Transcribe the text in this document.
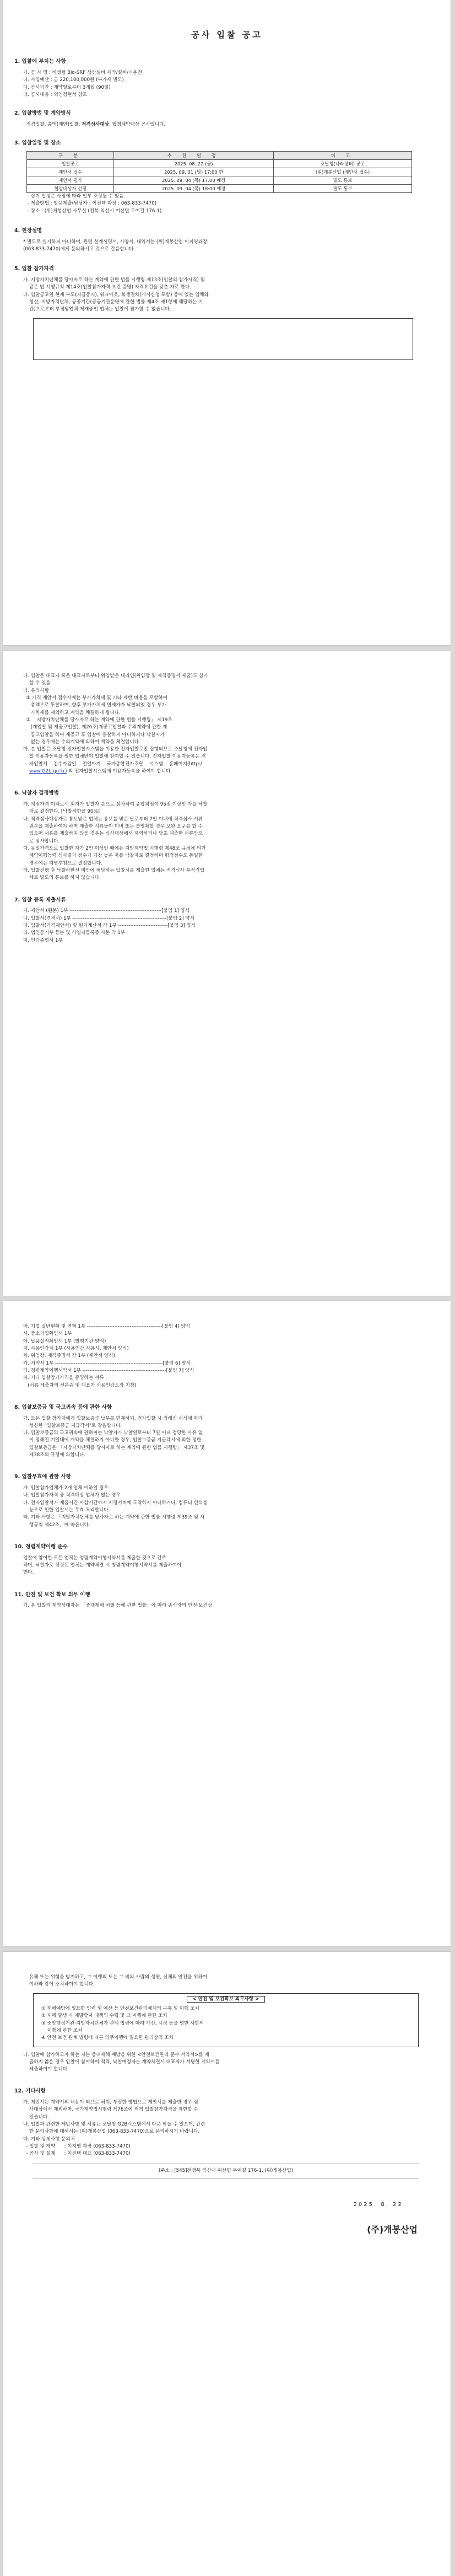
공사 입찰 공고
1. 입찰에 부치는 사항
가. 공 사 명 : 비생형 Bio-SRF 생산설비 제작/설치/시운전
나. 사업예산 : 금 220,100,000원 (부가세 별도)
다. 공사기간 : 계약일로부터 3개월 (90일)
라. 공사내용 : 외인정현서 참조
2. 입찰방법 및 계약방식
· 적겸입찰, 총액(제안)입찰, 적격심사대상, 협쟁계약대상 공사입니다.
3. 입찰일정 및 장소
구 분	추 진 일 정	비 고
입찰공고	2025. 08. 22 (금)	조달청(나라장터) 공고
제안서 접수	2025. 09. 01 (월) 17:00 한	(위)개봉산업 (제안서 접수)
제안서 평가	2025. 09. 04 (목) 17:00 예정	별도 통보
협상대상자 선정	2025. 09. 04 (목) 18:00 예정	별도 통보
- 상기 일정은 사정에 따라 일부 조정될 수 있음.
- 제출방법 : 방문제출(담당자 : 이진택 과장 : 063-833-7470)
- 장소 : (위)개봉산업 사무실 (전북 익산시 여산면 두여길 176-1)
4. 현장설명
* 별도로 실시하지 아니하며, 관련 설계설명서, 사양서, 내역서는 (위)개봉산업 이지영과장
(063-833-7470)에게 문의하시고 것으로 갈음합니다.
5. 입찰 참가자격
가. 지방자치단체를 당사자로 하는 계약에 관한 법률 시행령 제13조(입찰의 참가자격) 및
같은 법 시행규칙 제14조(입찰참가자격 요건 증명) 자격요건을 갖춘 자로 한다.
나. 입찰공고일 현재 부도(지급중지), 워크아웃, 회생절차(개시신청 포함) 중에 있는 업체와
청산, 지방자치단체, 공공기관(공공기관운영에 관한 법률 제4조 제1항에 해당하는 기
관)으로부터 부정당업체 제재중인 업체는 입찰에 참가할 수 없습니다.
다. 입찰은 대표자 혹은 대표자로부터 위임받은 대리인(위임장 및 재직증명서 제출)도 참가
할 수 있음.
라. 유의사항
① 가격 제안서 접수시에는 부가가치세 및 기타 제반 비용을 포함하여
총액으로 투찰하며, 향후 부가가치세 면제가가 낙찰되었 경우 부가
가치세를 제외하고 계약을 체결하게 됩니다.
② 「지방자치단체를 당사자로 하는 계약에 관한 법률 시행령」 제19조
(재입찰 및 재공고입찰), 제26조(재공고입찰과 수의계약에 관한 제
공고입찰을 하여 제공고 후 입찰에 응찰하지 아니하거나 낙찰자가
없는 경우에는 수의계약에 의하여 계약을 체결합니다.
마. 본 입찰은 조달청 전자입찰시스템을 이용한 전자입찰로만 집행되므로 조달청에 전자입
찰 이용자등록을 필한 업체만이 입찰에 참여할 수 있습니다. 전자입찰 이용자등록은 전
자입찰서    접수마감일    전일까지    국가종합전자조달    시스템    홈페이지(http:/
www.G2b.go.kr) 의 전자입찰시스템에 이용자등록을 하여야 합니다.
6. 낙찰자 결정방법
가. 예정가격 이하로서 최저가 입찰자 순으로 심사하여 종합평점이 95점 이상인 자를 낙찰
자로 결정한다. [낙찰하한율 90%]
나. 적격심사대상자로 통보받은 업체는 통보를 받은 날로부터 7일 이내에 적격심사 서류
원본을 제출하여야 하며 제출한 서류들이 미비 또는 불명확할 경우 보완 요구를 할 수
있으며 서류를 제출하지 않을 경우는 심사대상에서 제외하거나 당초 제출한 서류만으
로 심사합니다.
다. 동일가격으로 입찰한 자가 2인 이상인 때에는 지방계약법 시행령 제48조 규정에 의거
계약이행능력 심사결과 점수가 가장 높은 자를 낙찰자로 결정하며 평점점수도 동일한
경우에는 지명추첨으로 결정합니다.
라. 입찰진행 후 낙찰하한선 미만에 해당하는 입찰서를 제출한 업체는 적격심사 부적격업
체로 별도의 통보를 하지 않습니다.
7. 입찰 등록 제출서류
가. 제안서 (원본) 1부 ------------------------------------------------------[붙임 1] 양식
나. 입찰서(견적서) 1부 -------------------------------------------------------[붙임 2] 양식
다. 입찰서(가격제안서) 및 원가계산서 각 1부 -----------------------------[붙임 3] 양식
라. 법인등기부 등본 및 사업자등록증 사본 각 1부
마. 인감증명서 1부
바. 기업 실반현황 및 연혁 1부 --------------------------------------------[붙임 4] 양식
사. 중소기업확인서 1부
아. 납품실적확인서 1부 (발행기관 양식)
자. 사용인감계 1부 (사용인감 사용시, 제안서 양식)
차. 위임장, 재직증명서 각 1부 (제안서 양식)
카. 서약서 1부 ---------------------------------------------------------------[붙임 6] 양식
타. 청렴계약이행서약서 1부 -------------------------------------------------[붙임 7] 양식
파. 기타 입찰참가자격을 증명하는 서류
(서류 제출자의 신분증 및 대표자 사용인감도장 지참)
8. 입찰보증금 및 국고귀속 등에 관한 사항
가. 모든 입찰 참가자에게 입찰보증금 납부를 면제하되, 전자입찰 시 정해진 서식에 따라
성신한 "입찰보증금 지급각서"로 갈음합니다.
나. 입찰보증금의 국고귀속에 관하여는 낙찰자가 낙찰일로부터 7일 이내 정당한 사유 없
이 정해진 기일내에 계약을 체결하지 아니한 경우, 입찰보증금 지급각서에 의한 정한
입찰보증금은 「지방자치단체를 당사자로 하는 계약에 관한 법률 시행령」 제37조 및
제38조의 규정에 의합니다.
9. 입찰무효에 관한 사항
가. 입찰참가업체가 2개 업체 이하일 경우
나. 입찰참가자격 중 적격대상 업체가 없는 경우
다. 전자입찰서가 제출시간 마감시간까지 지정서버에 도착하지 아니하거나, 컴퓨터 인식불
능으로 인한 입찰서는 무효 처리합니다.
라. 기타 사항은 「지방자치단체를 당사자로 하는 계약에 관한 법률 시행령 제39조 및 시
행규칙 제42조」에 따릅니다.
10. 청렴계약이행 준수
입찰에 참여한 모든 업체는 청렴계약이행서약서를 제출한 것으로 간주
하며, 낙찰자로 선정된 업체는 계약체결 시 청렴계약이행서약서를 제출하여야
한다.
11. 안전 및 보건 확보 의무 이행
가. 본 입찰의 계약상대자는 「중대재해 처벌 등에 관한 법률」에 따라 종사자의 안전·보건상
유해 또는 위험을 방지하고, 그 이행의 또는 그 밖의 사람의 생명, 신체의 안전을 위하여
이하와 같이 조치하여야 합니다.
< 안전 및 보건확보 의무사항 >
① 재해예방에 필요한 인력 및 예산 등 안전보건관리체계의 구축 및 이행 조치
② 재해 발생 시 재발방지 대책의 수립 및 그 이행에 관한 조치
③ 중앙행정기관·지방자치단체가 관계 법령에 따라 개선, 시정 등을 명한 사항의
이행에 관한 조치
④ 안전·보건 관계 법령에 따른 의무이행에 필요한 관리상의 조치
나. 입찰에 참가하고자 하는 자는 중대재해 예방을 위한 <안전보건관리 준수 서약서>를 제
출하지 않은 경우 입찰에 참여하여 적격, 낙찰예정자는 계약체결시 대표자가 서명한 서약서를
제출하여야 합니다.
12. 기타사항
가. 제안서는 계약서의 내용이 되므로 허위, 부정한 방법으로 제안서를 제출한 경우 심
사대상에서 제외하며, 국가계약법시행령 제76조에 의거 입찰참가자격을 제한할 수
있습니다.
나. 입찰과 관련한 제반사항 및 서류는 조달청 G2B시스템에서 다운 받을 수 있으며, 관련
한 문의사항에 대해서는 (위)개봉산업 (063-833-7470)으로 문의하시기 바랍니다.
다. 기타 상세사항 문의처
- 입찰 및 계약      : 이지영 과장 (063-833-7470)
- 공사 및 설계      : 이진택 대표 (063-833-7470)
(주소 : [545]전쟁북 익산시 여산면 두여길 176-1, (위)개봉산업)
2025. 8. 22.
(주)개봉산업
